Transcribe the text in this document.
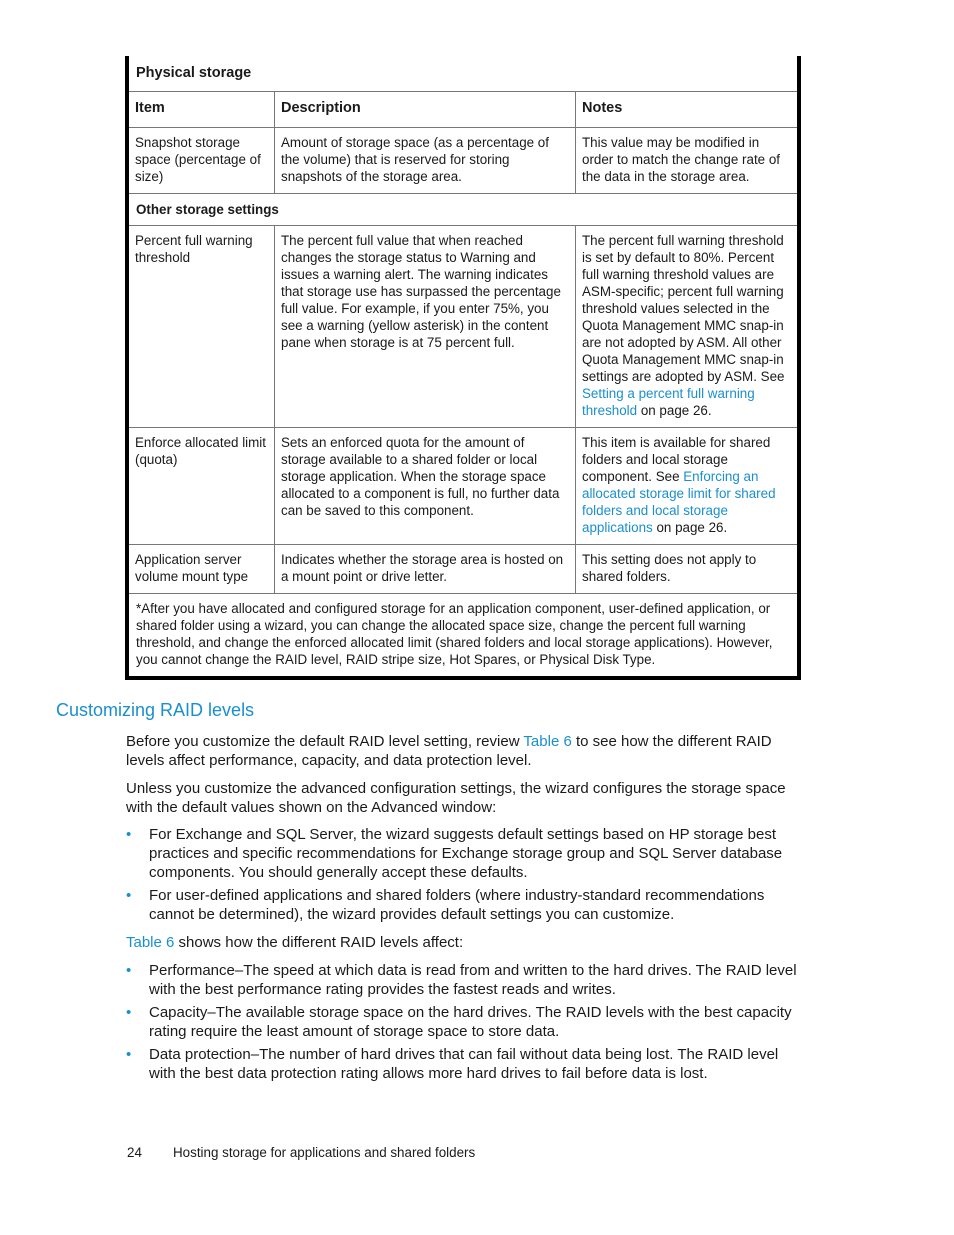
Physical storage
Item	Description	Notes
Snapshot storage space (percentage of size)
Amount of storage space (as a percentage of the volume) that is reserved for storing snapshots of the storage area.
This value may be modified in order to match the change rate of the data in the storage area.
Other storage settings
Percent full warning threshold
The percent full value that when reached changes the storage status to Warning and issues a warning alert. The warning indicates that storage use has surpassed the percentage full value. For example, if you enter 75%, you see a warning (yellow asterisk) in the content pane when storage is at 75 percent full.
The percent full warning threshold is set by default to 80%. Percent full warning threshold values are ASM-specific; percent full warning threshold values selected in the Quota Management MMC snap-in are not adopted by ASM. All other Quota Management MMC snap-in settings are adopted by ASM. See Setting a percent full warning threshold on page 26.
Enforce allocated limit (quota)
Sets an enforced quota for the amount of storage available to a shared folder or local storage application. When the storage space allocated to a component is full, no further data can be saved to this component.
This item is available for shared folders and local storage component. See Enforcing an allocated storage limit for shared folders and local storage applications on page 26.
Application server volume mount type
Indicates whether the storage area is hosted on a mount point or drive letter.
This setting does not apply to shared folders.
*After you have allocated and configured storage for an application component, user-defined application, or shared folder using a wizard, you can change the allocated space size, change the percent full warning threshold, and change the enforced allocated limit (shared folders and local storage applications). However, you cannot change the RAID level, RAID stripe size, Hot Spares, or Physical Disk Type.
Customizing RAID levels
Before you customize the default RAID level setting, review Table 6 to see how the different RAID levels affect performance, capacity, and data protection level.
Unless you customize the advanced configuration settings, the wizard configures the storage space with the default values shown on the Advanced window:
• For Exchange and SQL Server, the wizard suggests default settings based on HP storage best practices and specific recommendations for Exchange storage group and SQL Server database components. You should generally accept these defaults.
• For user-defined applications and shared folders (where industry-standard recommendations cannot be determined), the wizard provides default settings you can customize.
Table 6 shows how the different RAID levels affect:
• Performance–The speed at which data is read from and written to the hard drives. The RAID level with the best performance rating provides the fastest reads and writes.
• Capacity–The available storage space on the hard drives. The RAID levels with the best capacity rating require the least amount of storage space to store data.
• Data protection–The number of hard drives that can fail without data being lost. The RAID level with the best data protection rating allows more hard drives to fail before data is lost.
24 Hosting storage for applications and shared folders
